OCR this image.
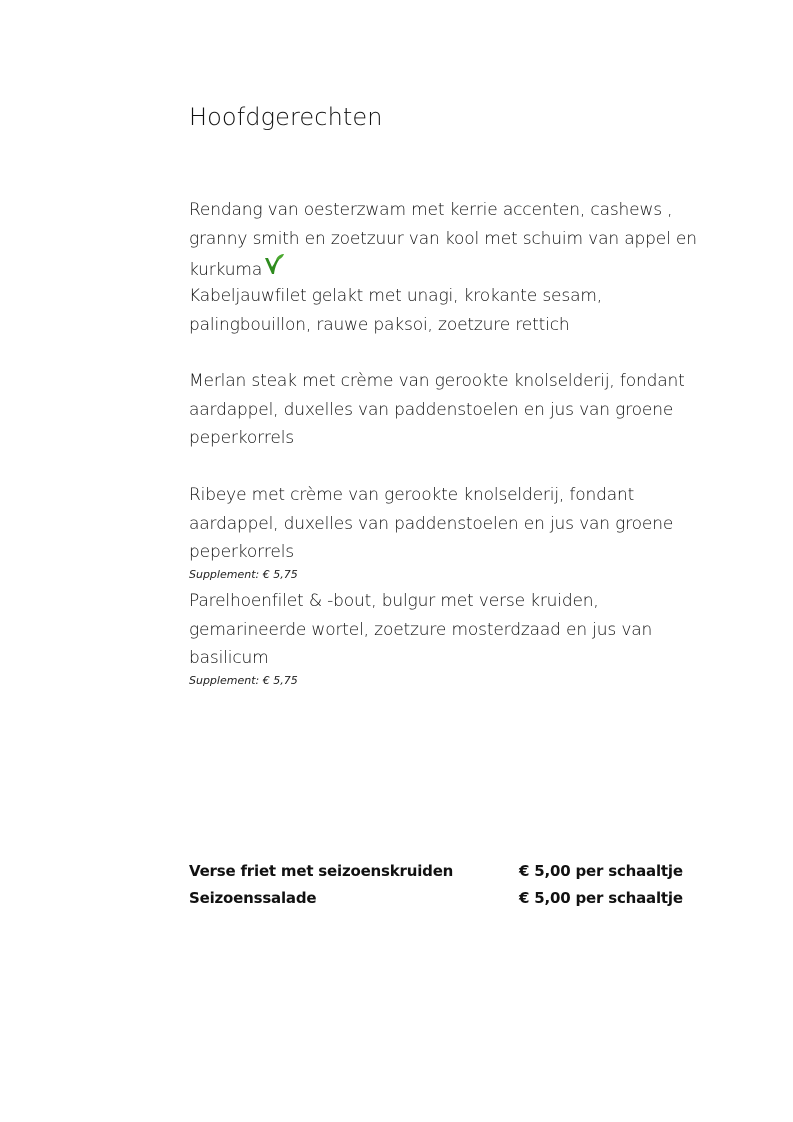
Hoofdgerechten

Rendang van oesterzwam met kerrie accenten, cashews , granny smith en zoetzuur van kool met schuim van appel en kurkuma

Kabeljauwfilet gelakt met unagi, krokante sesam, palingbouillon, rauwe paksoi, zoetzure rettich

Merlan steak met crème van gerookte knolselderij, fondant aardappel, duxelles van paddenstoelen en jus van groene peperkorrels

Ribeye met crème van gerookte knolselderij, fondant aardappel, duxelles van paddenstoelen en jus van groene peperkorrels

Supplement: € 5,75

Parelhoenfilet & -bout, bulgur met verse kruiden, gemarineerde wortel, zoetzure mosterdzaad en jus van basilicum

Supplement: € 5,75

Verse friet met seizoenskruiden	€ 5,00 per schaaltje
Seizoenssalade	€ 5,00 per schaaltje
